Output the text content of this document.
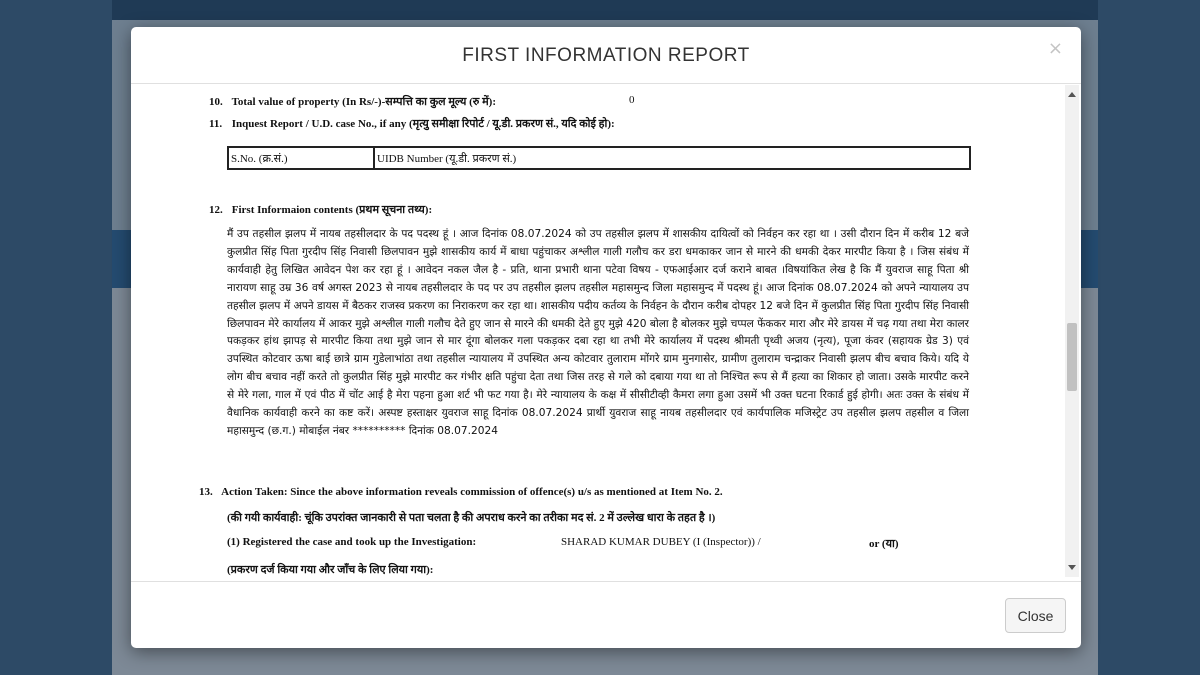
FIRST INFORMATION REPORT	×
10. Total value of property (In Rs/-)-सम्पत्ति का कुल मूल्य (रु में):	0
11. Inquest Report / U.D. case No., if any (मृत्यु समीक्षा रिपोर्ट / यू.डी. प्रकरण सं., यदि कोई हो):
S.No. (क्र.सं.)	UIDB Number (यू.डी. प्रकरण सं.)
12. First Informaion contents (प्रथम सूचना तथ्य):
मैं उप तहसील झलप में नायब तहसीलदार के पद पदस्थ हूं । आज दिनांक 08.07.2024 को उप तहसील झलप में शासकीय दायित्वों को निर्वहन कर रहा था । उसी दौरान दिन में करीब 12 बजे कुलप्रीत सिंह पिता गुरदीप सिंह निवासी छिलपावन मुझे शासकीय कार्य में बाधा पहुंचाकर अश्लील गाली गलौच कर डरा धमकाकर जान से मारने की धमकी देकर मारपीट किया है । जिस संबंध में कार्यवाही हेतु लिखित आवेदन पेश कर रहा हूं । आवेदन नकल जैल है - प्रति, थाना प्रभारी थाना पटेवा विषय - एफआईआर दर्ज कराने बाबत ।विषयांकित लेख है कि मैं युवराज साहू पिता श्री नारायण साहू उम्र 36 वर्ष अगस्त 2023 से नायब तहसीलदार के पद पर उप तहसील झलप तहसील महासमुन्द जिला महासमुन्द में पदस्थ हूं। आज दिनांक 08.07.2024 को अपने न्यायालय उप तहसील झलप में अपने डायस में बैठकर राजस्व प्रकरण का निराकरण कर रहा था। शासकीय पदीय कर्तव्य के निर्वहन के दौरान करीब दोपहर 12 बजे दिन में कुलप्रीत सिंह पिता गुरदीप सिंह निवासी छिलपावन मेरे कार्यालय में आकर मुझे अश्लील गाली गलौच देते हुए जान से मारने की धमकी देते हुए मुझे 420 बोला है बोलकर मुझे चप्पल फेंककर मारा और मेरे डायस में चढ़ गया तथा मेरा कालर पकड़कर हांथ झापड़ से मारपीट किया तथा मुझे जान से मार दूंगा बोलकर गला पकड़कर दबा रहा था तभी मेरे कार्यालय में पदस्थ श्रीमती पृथ्वी अजय (नृत्य), पूजा कंवर (सहायक ग्रेड 3) एवं उपस्थित कोटवार ऊषा बाई छात्रे ग्राम गुडेलाभांठा तथा तहसील न्यायालय में उपस्थित अन्य कोटवार तुलाराम मोंगरे ग्राम मुनगासेर, ग्रामीण तुलाराम चन्द्राकर निवासी झलप बीच बचाव किये। यदि ये लोग बीच बचाव नहीं करते तो कुलप्रीत सिंह मुझे मारपीट कर गंभीर क्षति पहुंचा देता तथा जिस तरह से गले को दबाया गया था तो निश्चित रूप से मैं हत्या का शिकार हो जाता। उसके मारपीट करने से मेरे गला, गाल में एवं पीठ में चोंट आई है मेरा पहना हुआ शर्ट भी फट गया है। मेरे न्यायालय के कक्ष में सीसीटीव्ही कैमरा लगा हुआ उसमें भी उक्त घटना रिकार्ड हुई होगी। अतः उक्त के संबंध में वैधानिक कार्यवाही करने का कष्ट करें। अस्पष्ट हस्ताक्षर युवराज साहू दिनांक 08.07.2024 प्रार्थी युवराज साहू नायब तहसीलदार एवं कार्यपालिक मजिस्ट्रेट उप तहसील झलप तहसील व जिला महासमुन्द (छ.ग.) मोबाईल नंबर ********** दिनांक 08.07.2024
13. Action Taken: Since the above information reveals commission of offence(s) u/s as mentioned at Item No. 2.
(की गयी कार्यवाही: चूंकि उपरांक्त जानकारी से पता चलता है की अपराध करने का तरीका मद सं. 2 में उल्लेख धारा के तहत है ।)
(1) Registered the case and took up the Investigation:	SHARAD KUMAR DUBEY (I (Inspector)) /	or (या)
(प्रकरण दर्ज किया गया और जाँच के लिए लिया गया):
Close
